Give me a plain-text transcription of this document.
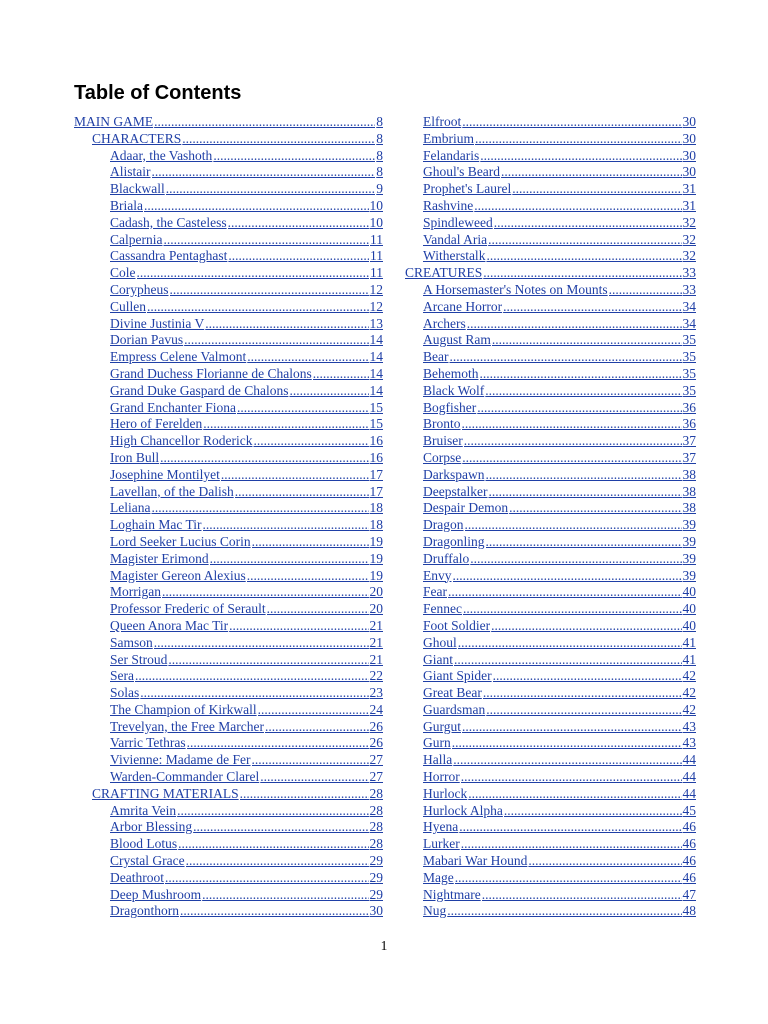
Table of Contents
MAIN GAME .....	8
CHARACTERS .....	8
Adaar, the Vashoth .....	8
Alistair .....	8
Blackwall .....	9
Briala .....	10
Cadash, the Casteless .....	10
Calpernia .....	11
Cassandra Pentaghast .....	11
Cole .....	11
Corypheus .....	12
Cullen .....	12
Divine Justinia V .....	13
Dorian Pavus .....	14
Empress Celene Valmont .....	14
Grand Duchess Florianne de Chalons .....	14
Grand Duke Gaspard de Chalons .....	14
Grand Enchanter Fiona .....	15
Hero of Ferelden .....	15
High Chancellor Roderick .....	16
Iron Bull .....	16
Josephine Montilyet .....	17
Lavellan, of the Dalish .....	17
Leliana .....	18
Loghain Mac Tir .....	18
Lord Seeker Lucius Corin .....	19
Magister Erimond .....	19
Magister Gereon Alexius .....	19
Morrigan .....	20
Professor Frederic of Serault .....	20
Queen Anora Mac Tir .....	21
Samson .....	21
Ser Stroud .....	21
Sera .....	22
Solas .....	23
The Champion of Kirkwall .....	24
Trevelyan, the Free Marcher .....	26
Varric Tethras .....	26
Vivienne: Madame de Fer .....	27
Warden-Commander Clarel .....	27
CRAFTING MATERIALS .....	28
Amrita Vein .....	28
Arbor Blessing .....	28
Blood Lotus .....	28
Crystal Grace .....	29
Deathroot .....	29
Deep Mushroom .....	29
Dragonthorn .....	30
Elfroot .....	30
Embrium .....	30
Felandaris .....	30
Ghoul's Beard .....	30
Prophet's Laurel .....	31
Rashvine .....	31
Spindleweed .....	32
Vandal Aria .....	32
Witherstalk .....	32
CREATURES .....	33
A Horsemaster's Notes on Mounts .....	33
Arcane Horror .....	34
Archers .....	34
August Ram .....	35
Bear .....	35
Behemoth .....	35
Black Wolf .....	35
Bogfisher .....	36
Bronto .....	36
Bruiser .....	37
Corpse .....	37
Darkspawn .....	38
Deepstalker .....	38
Despair Demon .....	38
Dragon .....	39
Dragonling .....	39
Druffalo .....	39
Envy .....	39
Fear .....	40
Fennec .....	40
Foot Soldier .....	40
Ghoul .....	41
Giant .....	41
Giant Spider .....	42
Great Bear .....	42
Guardsman .....	42
Gurgut .....	43
Gurn .....	43
Halla .....	44
Horror .....	44
Hurlock .....	44
Hurlock Alpha .....	45
Hyena .....	46
Lurker .....	46
Mabari War Hound .....	46
Mage .....	46
Nightmare .....	47
Nug .....	48
1
